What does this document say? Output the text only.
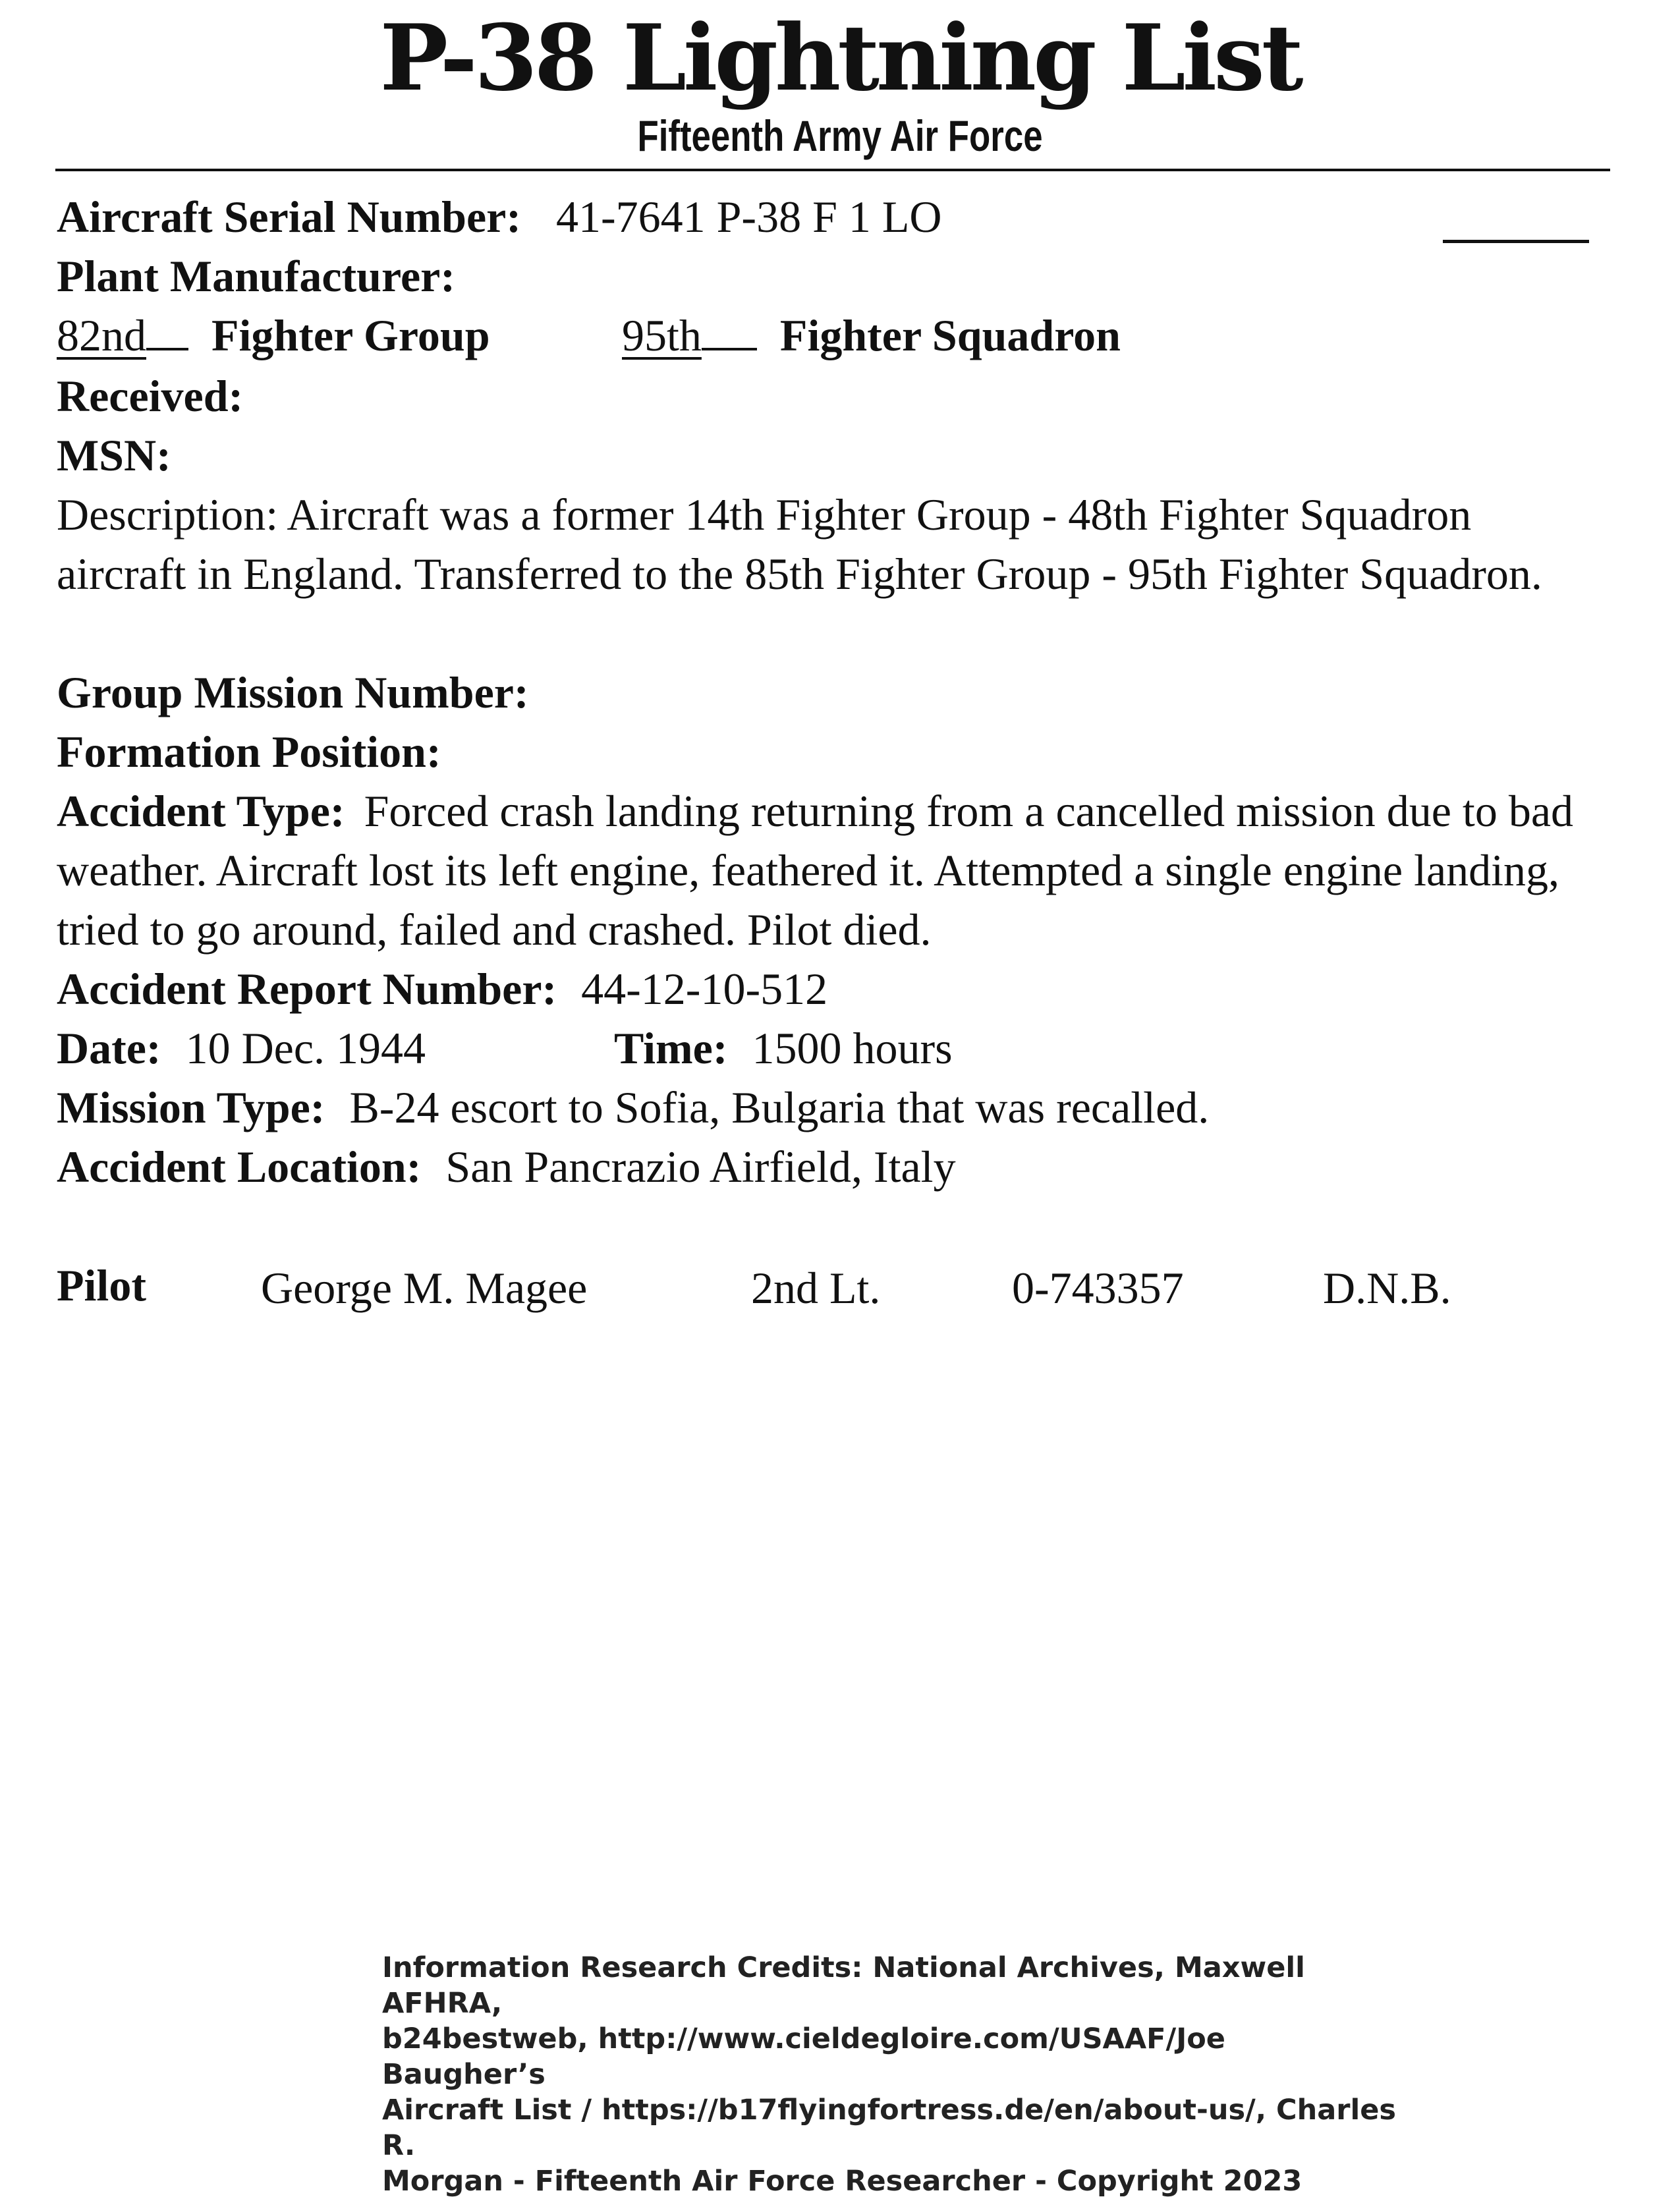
P-38 Lightning List
Fifteenth Army Air Force
Aircraft Serial Number: 41-7641 P-38 F 1 LO
Plant Manufacturer:
82nd Fighter Group	95th Fighter Squadron
Received:
MSN:
Description: Aircraft was a former 14th Fighter Group - 48th Fighter Squadron aircraft in England. Transferred to the 85th Fighter Group - 95th Fighter Squadron.
Group Mission Number:
Formation Position:
Accident Type: Forced crash landing returning from a cancelled mission due to bad weather. Aircraft lost its left engine, feathered it. Attempted a single engine landing, tried to go around, failed and crashed. Pilot died.
Accident Report Number: 44-12-10-512
Date: 10 Dec. 1944	Time: 1500 hours
Mission Type: B-24 escort to Sofia, Bulgaria that was recalled.
Accident Location: San Pancrazio Airfield, Italy
Pilot	George M. Magee	2nd Lt.	0-743357	D.N.B.
Information Research Credits: National Archives, Maxwell AFHRA,
b24bestweb, http://www.cieldegloire.com/USAAF/Joe Baugher’s
Aircraft List / https://b17flyingfortress.de/en/about-us/, Charles R.
Morgan - Fifteenth Air Force Researcher - Copyright 2023
